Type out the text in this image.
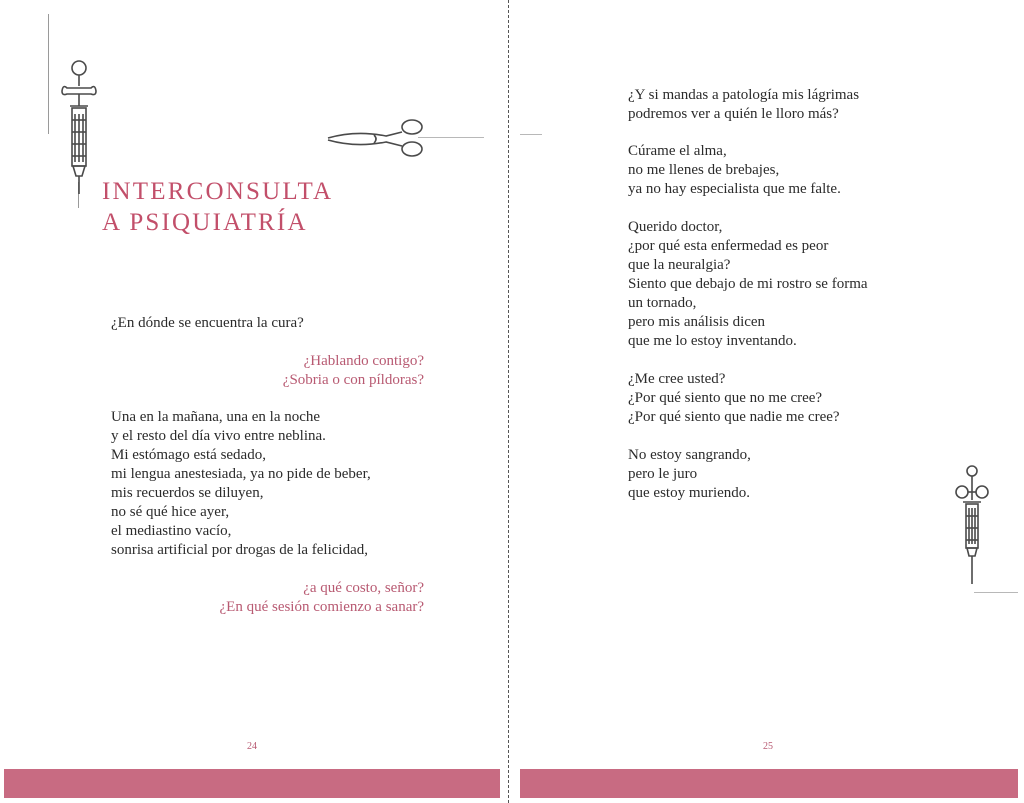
INTERCONSULTA
A PSIQUIATRÍA
¿En dónde se encuentra la cura?
¿Hablando contigo?
¿Sobria o con píldoras?
Una en la mañana, una en la noche
y el resto del día vivo entre neblina.
Mi estómago está sedado,
mi lengua anestesiada, ya no pide de beber,
mis recuerdos se diluyen,
no sé qué hice ayer,
el mediastino vacío,
sonrisa artificial por drogas de la felicidad,
¿a qué costo, señor?
¿En qué sesión comienzo a sanar?
24
¿Y si mandas a patología mis lágrimas
podremos ver a quién le lloro más?
Cúrame el alma,
no me llenes de brebajes,
ya no hay especialista que me falte.
Querido doctor,
¿por qué esta enfermedad es peor
que la neuralgia?
Siento que debajo de mi rostro se forma
un tornado,
pero mis análisis dicen
que me lo estoy inventando.
¿Me cree usted?
¿Por qué siento que no me cree?
¿Por qué siento que nadie me cree?
No estoy sangrando,
pero le juro
que estoy muriendo.
25
